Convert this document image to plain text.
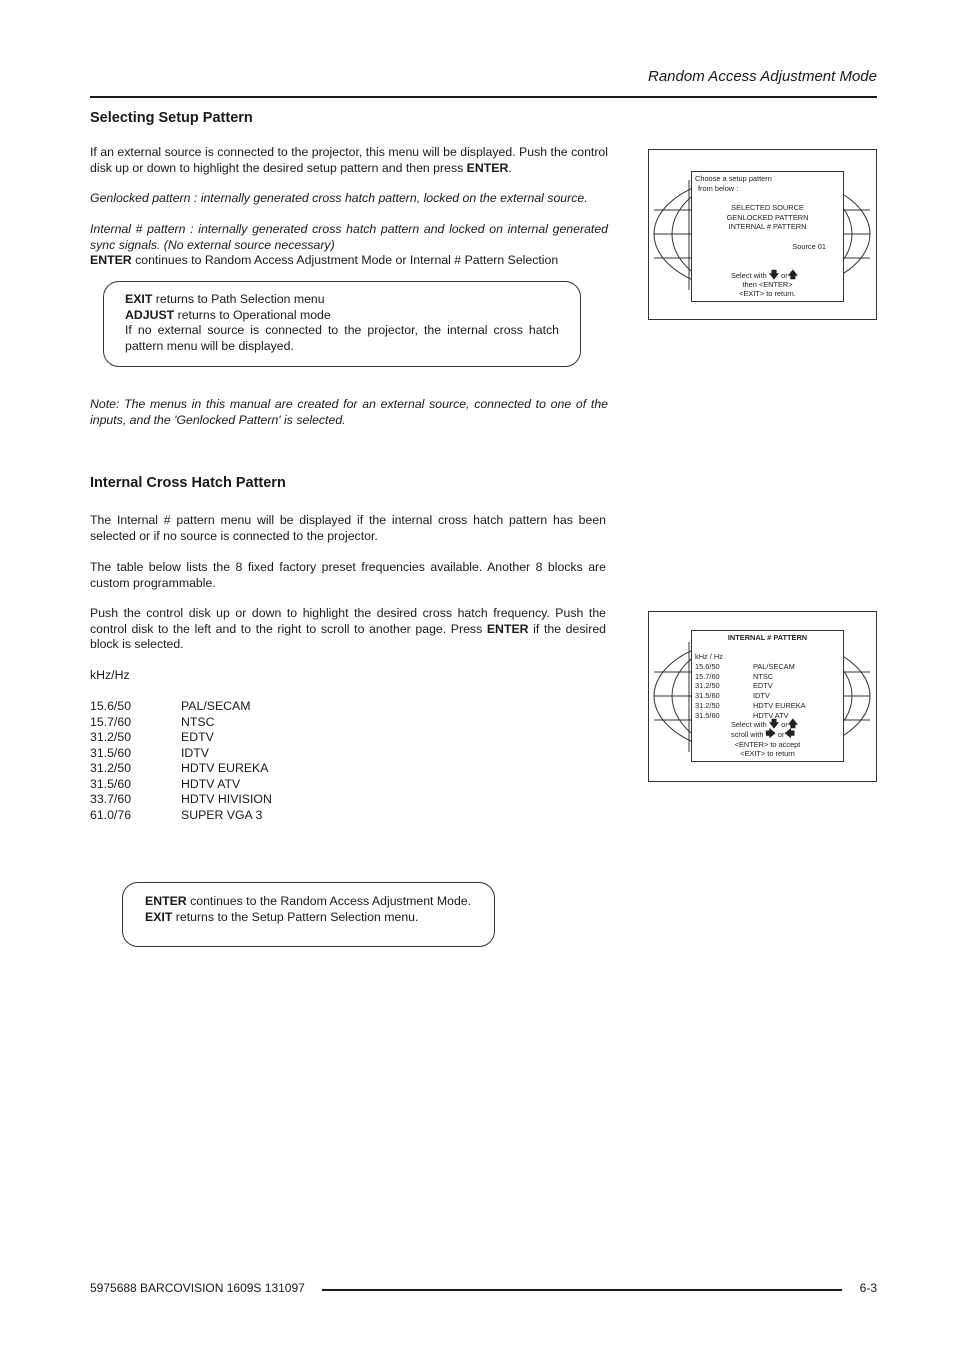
Random Access Adjustment Mode
Selecting Setup Pattern
If an external source is connected to the projector, this menu will be displayed. Push the control disk up or down to highlight the desired setup pattern and then press ENTER.
Genlocked pattern : internally generated cross hatch pattern, locked on the external source.
Internal # pattern : internally generated cross hatch pattern and locked on internal generated sync signals. (No external source necessary)
ENTER continues to Random Access Adjustment Mode or Internal # Pattern Selection
EXIT returns to Path Selection menu
ADJUST returns to Operational mode
If no external source is connected to the projector, the internal cross hatch pattern menu will be displayed.
Note: The menus in this manual are created for an external source, connected to one of the inputs, and the 'Genlocked Pattern' is selected.
Choose a setup pattern
from below :
SELECTED SOURCE
GENLOCKED PATTERN
INTERNAL # PATTERN
Source 01
Select with 🡇 or🡅
then <ENTER>
<EXIT> to return.
Internal Cross Hatch Pattern
The Internal # pattern menu will be displayed if the internal cross hatch pattern has been selected or if no source is connected to the projector.
The table below lists the 8 fixed factory preset frequencies available. Another 8 blocks are custom programmable.
Push the control disk up or down to highlight the desired cross hatch frequency. Push the control disk to the left and to the right to scroll to another page. Press ENTER if the desired block is selected.
kHz/Hz
15.6/50	PAL/SECAM
15.7/60	NTSC
31.2/50	EDTV
31.5/60	IDTV
31.2/50	HDTV EUREKA
31.5/60	HDTV ATV
33.7/60	HDTV HIVISION
61.0/76	SUPER VGA 3
ENTER continues to the Random Access Adjustment Mode.
EXIT returns to the Setup Pattern Selection menu.
INTERNAL # PATTERN
kHz / Hz
15.6/50	PAL/SECAM
15.7/60	NTSC
31.2/50	EDTV
31.5/60	IDTV
31.2/50	HDTV EUREKA
31.5/60	HDTV ATV
Select with 🡇 or🡅
scroll with 🡆 or🡄
<ENTER> to accept
<EXIT> to return
5975688 BARCOVISION 1609S 131097	6-3
